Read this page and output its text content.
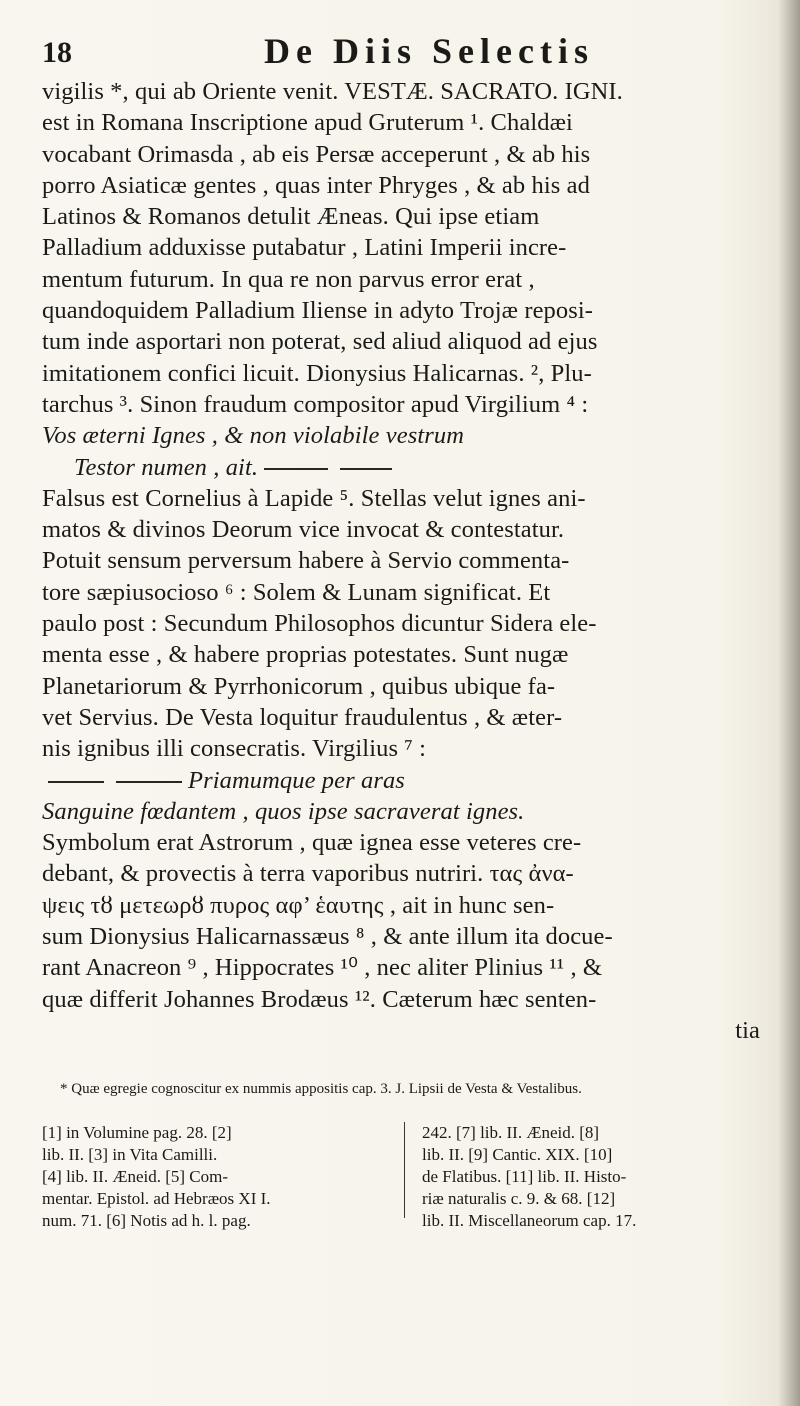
18	De Diis Selectis
vigilis *, qui ab Oriente venit. VESTÆ. SACRATO. IGNI.
est in Romana Inscriptione apud Gruterum ¹. Chaldæi
vocabant Orimasda , ab eis Persæ acceperunt , & ab his
porro Asiaticæ gentes , quas inter Phryges , & ab his ad
Latinos & Romanos detulit Æneas. Qui ipse etiam
Palladium adduxisse putabatur , Latini Imperii incre-
mentum futurum. In qua re non parvus error erat ,
quandoquidem Palladium Iliense in adyto Trojæ reposi-
tum inde asportari non poterat, sed aliud aliquod ad ejus
imitationem confici licuit. Dionysius Halicarnas. ², Plu-
tarchus ³. Sinon fraudum compositor apud Virgilium ⁴ :
Vos æterni Ignes , & non violabile vestrum
Testor numen , ait.
Falsus est Cornelius à Lapide ⁵. Stellas velut ignes ani-
matos & divinos Deorum vice invocat & contestatur.
Potuit sensum perversum habere à Servio commenta-
tore sæpiusocioso ⁶ : Solem & Lunam significat. Et
paulo post : Secundum Philosophos dicuntur Sidera ele-
menta esse , & habere proprias potestates. Sunt nugæ
Planetariorum & Pyrrhonicorum , quibus ubique fa-
vet Servius. De Vesta loquitur fraudulentus , & æter-
nis ignibus illi consecratis. Virgilius ⁷ :
Priamumque per aras
Sanguine fœdantem , quos ipse sacraverat ignes.
Symbolum erat Astrorum , quæ ignea esse veteres cre-
debant, & provectis à terra vaporibus nutriri. τας ἀνα-
ψεις τȣ μετεωρȣ πυρος αφ’ ἑαυτης , ait in hunc sen-
sum Dionysius Halicarnassæus ⁸ , & ante illum ita docue-
rant Anacreon ⁹ , Hippocrates ¹⁰ , nec aliter Plinius ¹¹ , &
quæ differit Johannes Brodæus ¹². Cæterum hæc senten-
tia
* Quæ egregie cognoscitur ex nummis appositis cap. 3. J. Lipsii de Vesta & Vestalibus.
[1] in Volumine pag. 28. [2]
lib. II. [3] in Vita Camilli.
[4] lib. II. Æneid. [5] Com-
mentar. Epistol. ad Hebræos XI I.
num. 71. [6] Notis ad h. l. pag.
242. [7] lib. II. Æneid. [8]
lib. II. [9] Cantic. XIX. [10]
de Flatibus. [11] lib. II. Histo-
riæ naturalis c. 9. & 68. [12]
lib. II. Miscellaneorum cap. 17.
